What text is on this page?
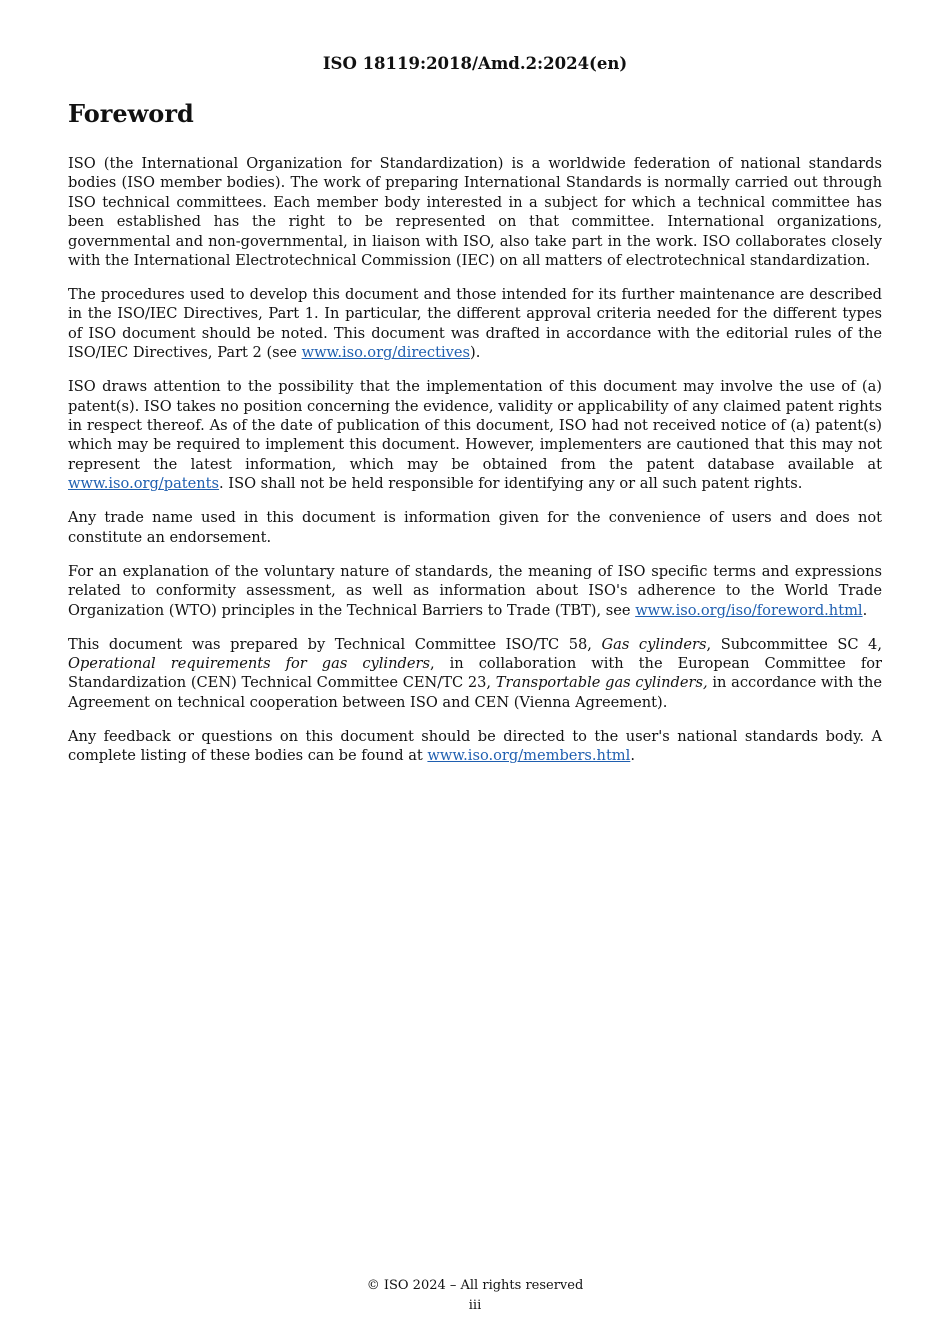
ISO 18119:2018/Amd.2:2024(en)
Foreword

ISO (the International Organization for Standardization) is a worldwide federation of national standards bodies (ISO member bodies). The work of preparing International Standards is normally carried out through ISO technical committees. Each member body interested in a subject for which a technical committee has been established has the right to be represented on that committee. International organizations, governmental and non-governmental, in liaison with ISO, also take part in the work. ISO collaborates closely with the International Electrotechnical Commission (IEC) on all matters of electrotechnical standardization.

The procedures used to develop this document and those intended for its further maintenance are described in the ISO/IEC Directives, Part 1. In particular, the different approval criteria needed for the different types of ISO document should be noted. This document was drafted in accordance with the editorial rules of the ISO/IEC Directives, Part 2 (see www.iso.org/directives).

ISO draws attention to the possibility that the implementation of this document may involve the use of (a) patent(s). ISO takes no position concerning the evidence, validity or applicability of any claimed patent rights in respect thereof. As of the date of publication of this document, ISO had not received notice of (a) patent(s) which may be required to implement this document. However, implementers are cautioned that this may not represent the latest information, which may be obtained from the patent database available at www.iso.org/patents. ISO shall not be held responsible for identifying any or all such patent rights.

Any trade name used in this document is information given for the convenience of users and does not constitute an endorsement.

For an explanation of the voluntary nature of standards, the meaning of ISO specific terms and expressions related to conformity assessment, as well as information about ISO's adherence to the World Trade Organization (WTO) principles in the Technical Barriers to Trade (TBT), see www.iso.org/iso/foreword.html.

This document was prepared by Technical Committee ISO/TC 58, Gas cylinders, Subcommittee SC 4, Operational requirements for gas cylinders, in collaboration with the European Committee for Standardization (CEN) Technical Committee CEN/TC 23, Transportable gas cylinders, in accordance with the Agreement on technical cooperation between ISO and CEN (Vienna Agreement).

Any feedback or questions on this document should be directed to the user's national standards body. A complete listing of these bodies can be found at www.iso.org/members.html.

© ISO 2024 – All rights reserved
iii
